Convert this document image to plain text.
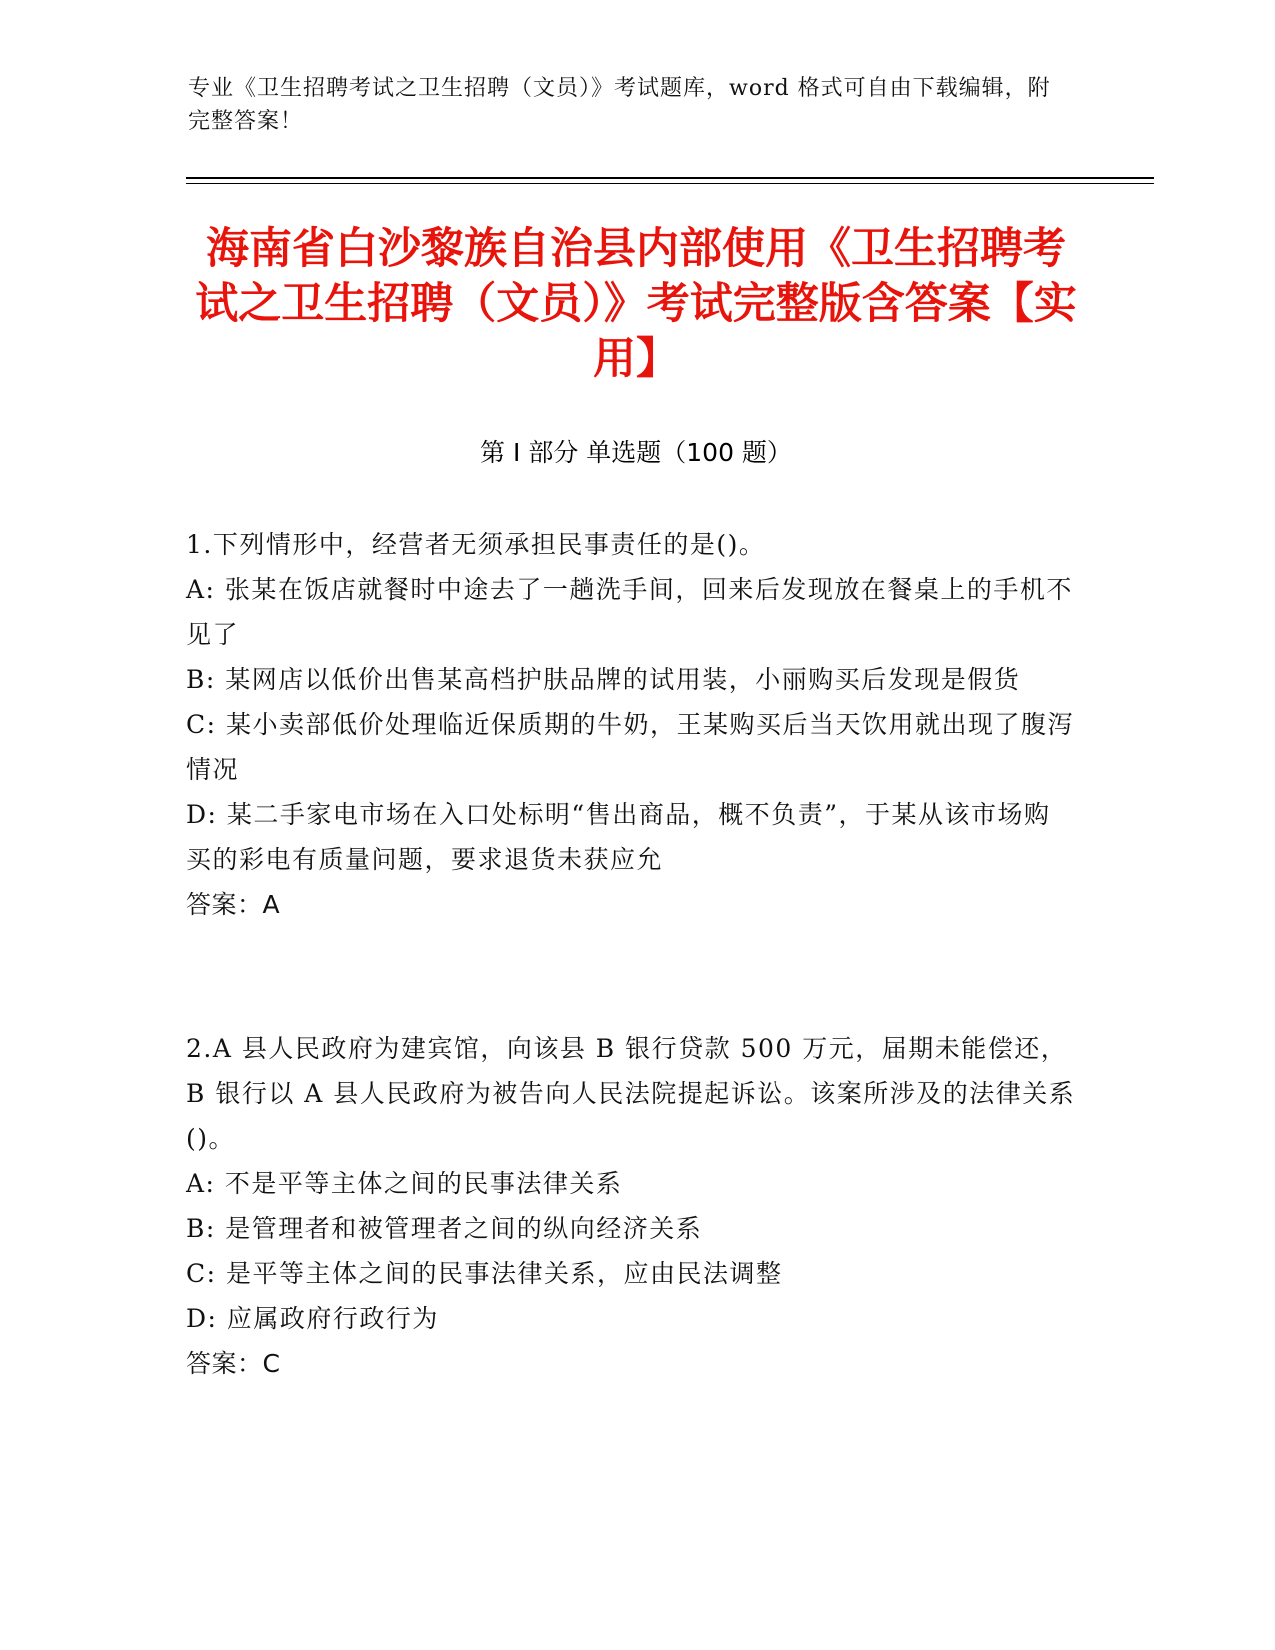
专业《卫生招聘考试之卫生招聘（文员）》考试题库，word 格式可自由下载编辑，附完整答案！
海南省白沙黎族自治县内部使用《卫生招聘考试之卫生招聘（文员）》考试完整版含答案【实用】
第 I 部分 单选题（100 题）

1.下列情形中，经营者无须承担民事责任的是()。

A: 张某在饭店就餐时中途去了一趟洗手间，回来后发现放在餐桌上的手机不见了

B: 某网店以低价出售某高档护肤品牌的试用装，小丽购买后发现是假货

C: 某小卖部低价处理临近保质期的牛奶，王某购买后当天饮用就出现了腹泻情况

D: 某二手家电市场在入口处标明“售出商品，概不负责”，于某从该市场购买的彩电有质量问题，要求退货未获应允

答案：A

2.A 县人民政府为建宾馆，向该县 B 银行贷款 500 万元，届期未能偿还，B 银行以 A 县人民政府为被告向人民法院提起诉讼。该案所涉及的法律关系()。

A: 不是平等主体之间的民事法律关系

B: 是管理者和被管理者之间的纵向经济关系

C: 是平等主体之间的民事法律关系，应由民法调整

D: 应属政府行政行为

答案：C
